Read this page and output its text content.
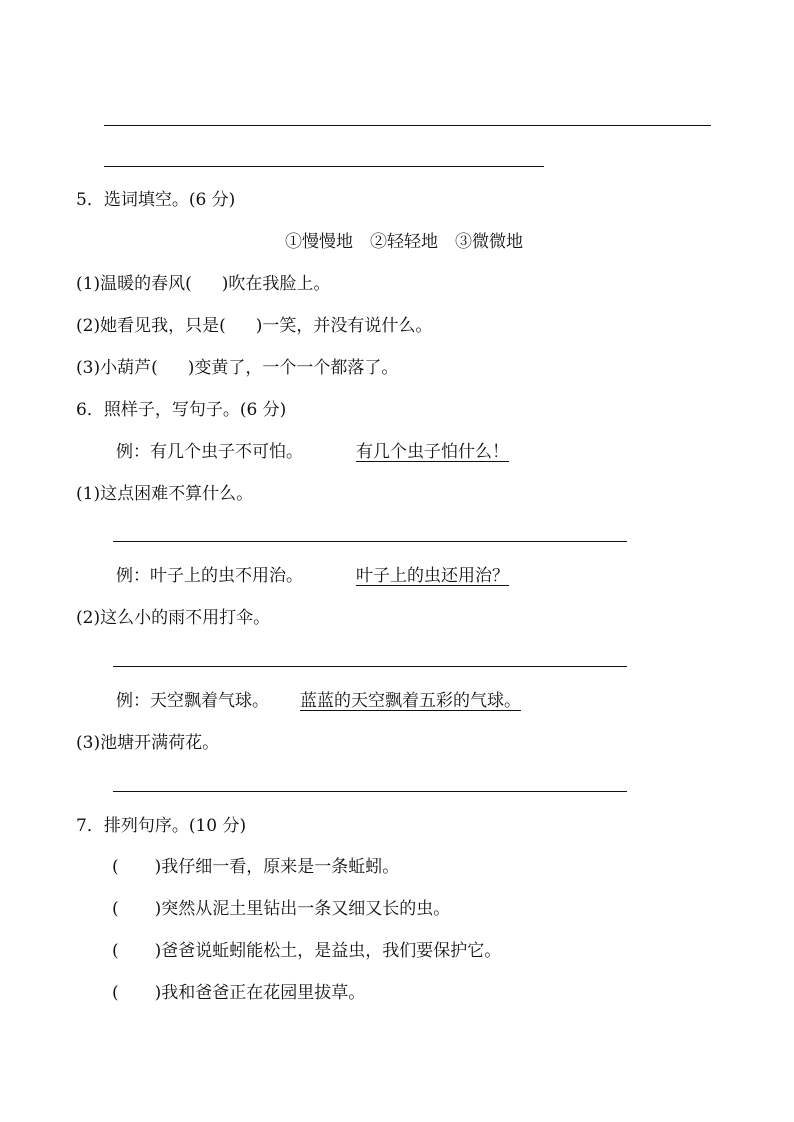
5．选词填空。(6 分)
①慢慢地　②轻轻地　③微微地
(1)温暖的春风( )吹在我脸上。
(2)她看见我，只是( )一笑，并没有说什么。
(3)小葫芦( )变黄了，一个一个都落了。
6．照样子，写句子。(6 分)
例：有几个虫子不可怕。	有几个虫子怕什么！
(1)这点困难不算什么。
例：叶子上的虫不用治。	叶子上的虫还用治？
(2)这么小的雨不用打伞。
例：天空飘着气球。 蓝蓝的天空飘着五彩的气球。
(3)池塘开满荷花。
7．排列句序。(10 分)
( )我仔细一看，原来是一条蚯蚓。
( )突然从泥土里钻出一条又细又长的虫。
( )爸爸说蚯蚓能松土，是益虫，我们要保护它。
( )我和爸爸正在花园里拔草。
